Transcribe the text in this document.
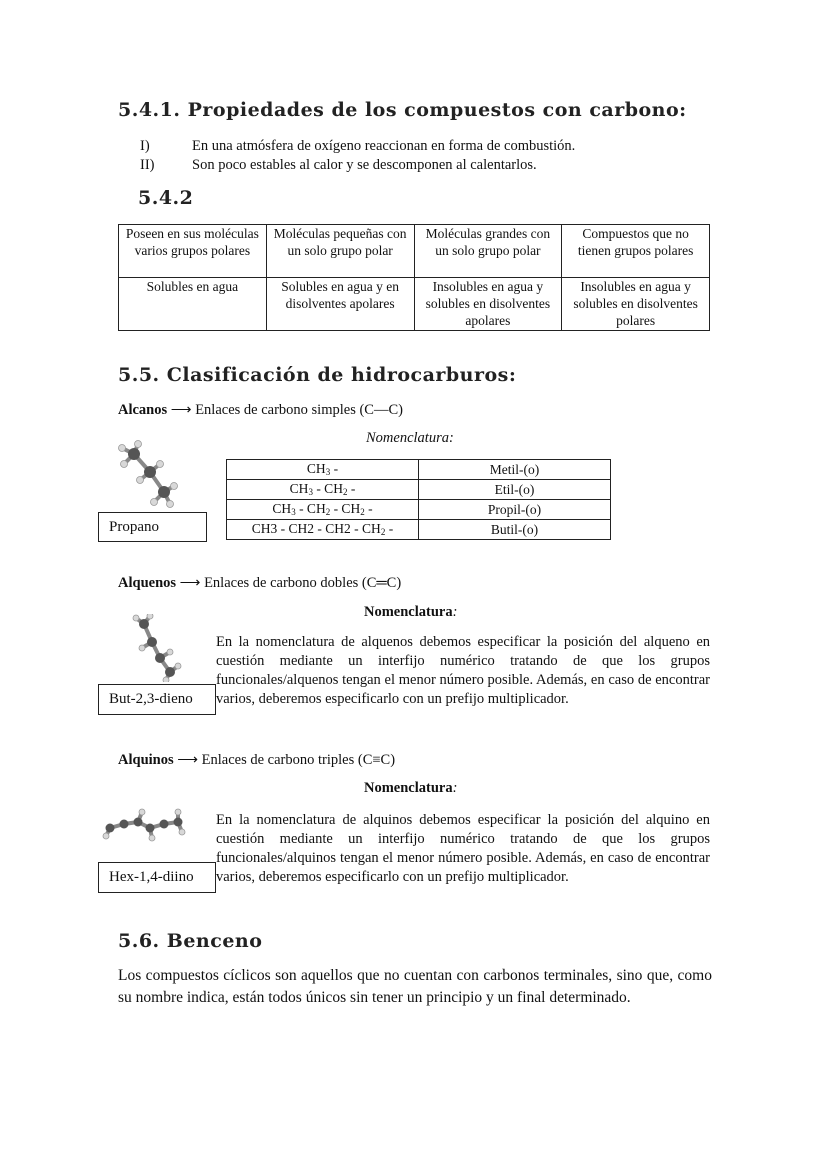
5.4.1. Propiedades de los compuestos con carbono:
I)	En una atmósfera de oxígeno reaccionan en forma de combustión.
II)	Son poco estables al calor y se descomponen al calentarlos.
5.4.2
Poseen en sus moléculas varios grupos polares	Moléculas pequeñas con un solo grupo polar	Moléculas grandes con un solo grupo polar	Compuestos que no tienen grupos polares
Solubles en agua	Solubles en agua y en disolventes apolares	Insolubles en agua y solubles en disolventes apolares	Insolubles en agua y solubles en disolventes polares
5.5. Clasificación de hidrocarburos:
Alcanos ⟶ Enlaces de carbono simples (C—C)
Nomenclatura:
Propano
$CH_3$ -	Metil-(o)
$CH_3 - CH_2$ -	Etil-(o)
$CH_3 - CH_2 - CH_2$ -	Propil-(o)
$CH3 - CH2 - CH2 - CH_2$ -	Butil-(o)
Alquenos ⟶ Enlaces de carbono dobles (C═C)
Nomenclatura:
But-2,3-dieno
En la nomenclatura de alquenos debemos especificar la posición del alqueno en cuestión mediante un interfijo numérico tratando de que los grupos funcionales/alquenos tengan el menor número posible. Además, en caso de encontrar varios, deberemos especificarlo con un prefijo multiplicador.
Alquinos ⟶ Enlaces de carbono triples (C≡C)
Nomenclatura:
Hex-1,4-diino
En la nomenclatura de alquinos debemos especificar la posición del alquino en cuestión mediante un interfijo numérico tratando de que los grupos funcionales/alquinos tengan el menor número posible. Además, en caso de encontrar varios, deberemos especificarlo con un prefijo multiplicador.
5.6. Benceno
Los compuestos cíclicos son aquellos que no cuentan con carbonos terminales, sino que, como su nombre indica, están todos únicos sin tener un principio y un final determinado.
